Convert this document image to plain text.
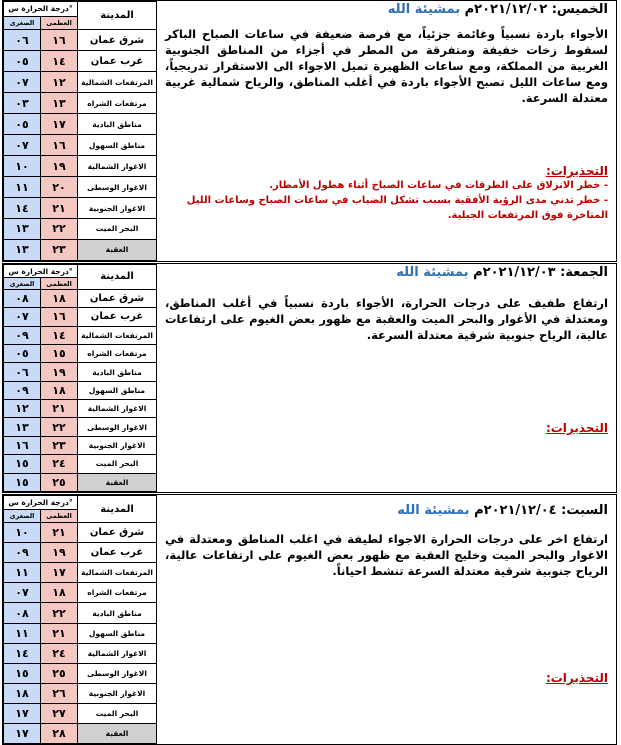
الخميس: ٢٠٢١/١٢/٠٢م بمشيئة الله

الأجواء باردة نسبياً وغائمة جزئياً، مع فرصة ضعيفة في ساعات الصباح الباكر لسقوط زخات خفيفة ومتفرقة من المطر في أجزاء من المناطق الجنوبية الغربية من المملكة، ومع ساعات الظهيرة تميل الاجواء الى الاستقرار تدريجياً، ومع ساعات الليل تصبح الأجواء باردة في أغلب المناطق، والرياح شمالية غربية معتدلة السرعة.

التحذيرات:
- خطر الانزلاق على الطرقات في ساعات الصباح أثناء هطول الأمطار.
- خطر تدني مدى الرؤية الأفقية بسبب تشكل الضباب في ساعات الصباح وساعات الليل المتاخرة فوق المرتفعات الجبلية.
درجة الحرارة س°		المدينة
الصغرى	العظمى	
٠٦	١٦	شرق عمان
٠٥	١٤	غرب عمان
٠٧	١٢	المرتفعات الشمالية
٠٣	١٣	مرتفعات الشراه
٠٥	١٧	مناطق البادية
٠٧	١٦	مناطق السهول
١٠	١٩	الاغوار الشمالية
١١	٢٠	الاغوار الوسطى
١٤	٢١	الاغوار الجنوبية
١٣	٢٢	البحر الميت
١٣	٢٣	العقبة
الجمعة: ٢٠٢١/١٢/٠٣م بمشيئة الله

ارتفاع طفيف على درجات الحرارة، الأجواء باردة نسبياً في أغلب المناطق، ومعتدلة في الأغوار والبحر الميت والعقبة مع ظهور بعض الغيوم على ارتفاعات عالية، الرياح جنوبية شرقية معتدلة السرعة.

التحذيرات:
درجة الحرارة س°		المدينة
الصغرى	العظمى	
٠٨	١٨	شرق عمان
٠٧	١٦	غرب عمان
٠٩	١٤	المرتفعات الشمالية
٠٥	١٥	مرتفعات الشراه
٠٦	١٩	مناطق البادية
٠٩	١٨	مناطق السهول
١٢	٢١	الاغوار الشمالية
١٣	٢٢	الاغوار الوسطى
١٦	٢٣	الاغوار الجنوبية
١٥	٢٤	البحر الميت
١٥	٢٥	العقبة
السبت: ٢٠٢١/١٢/٠٤م بمشيئة الله

ارتفاع اخر على درجات الحرارة الاجواء لطيفة في اغلب المناطق ومعتدلة في الاغوار والبحر الميت وخليج العقبة مع ظهور بعض الغيوم على ارتفاعات عالية، الرياح جنوبية شرقية معتدلة السرعة تنشط احياناً.

التحذيرات:
درجة الحرارة س°		المدينة
الصغرى	العظمى	
١٠	٢١	شرق عمان
٠٩	١٩	غرب عمان
١١	١٧	المرتفعات الشمالية
٠٧	١٨	مرتفعات الشراه
٠٨	٢٢	مناطق البادية
١١	٢١	مناطق السهول
١٤	٢٤	الاغوار الشمالية
١٥	٢٥	الاغوار الوسطى
١٨	٢٦	الاغوار الجنوبية
١٧	٢٧	البحر الميت
١٧	٢٨	العقبة
